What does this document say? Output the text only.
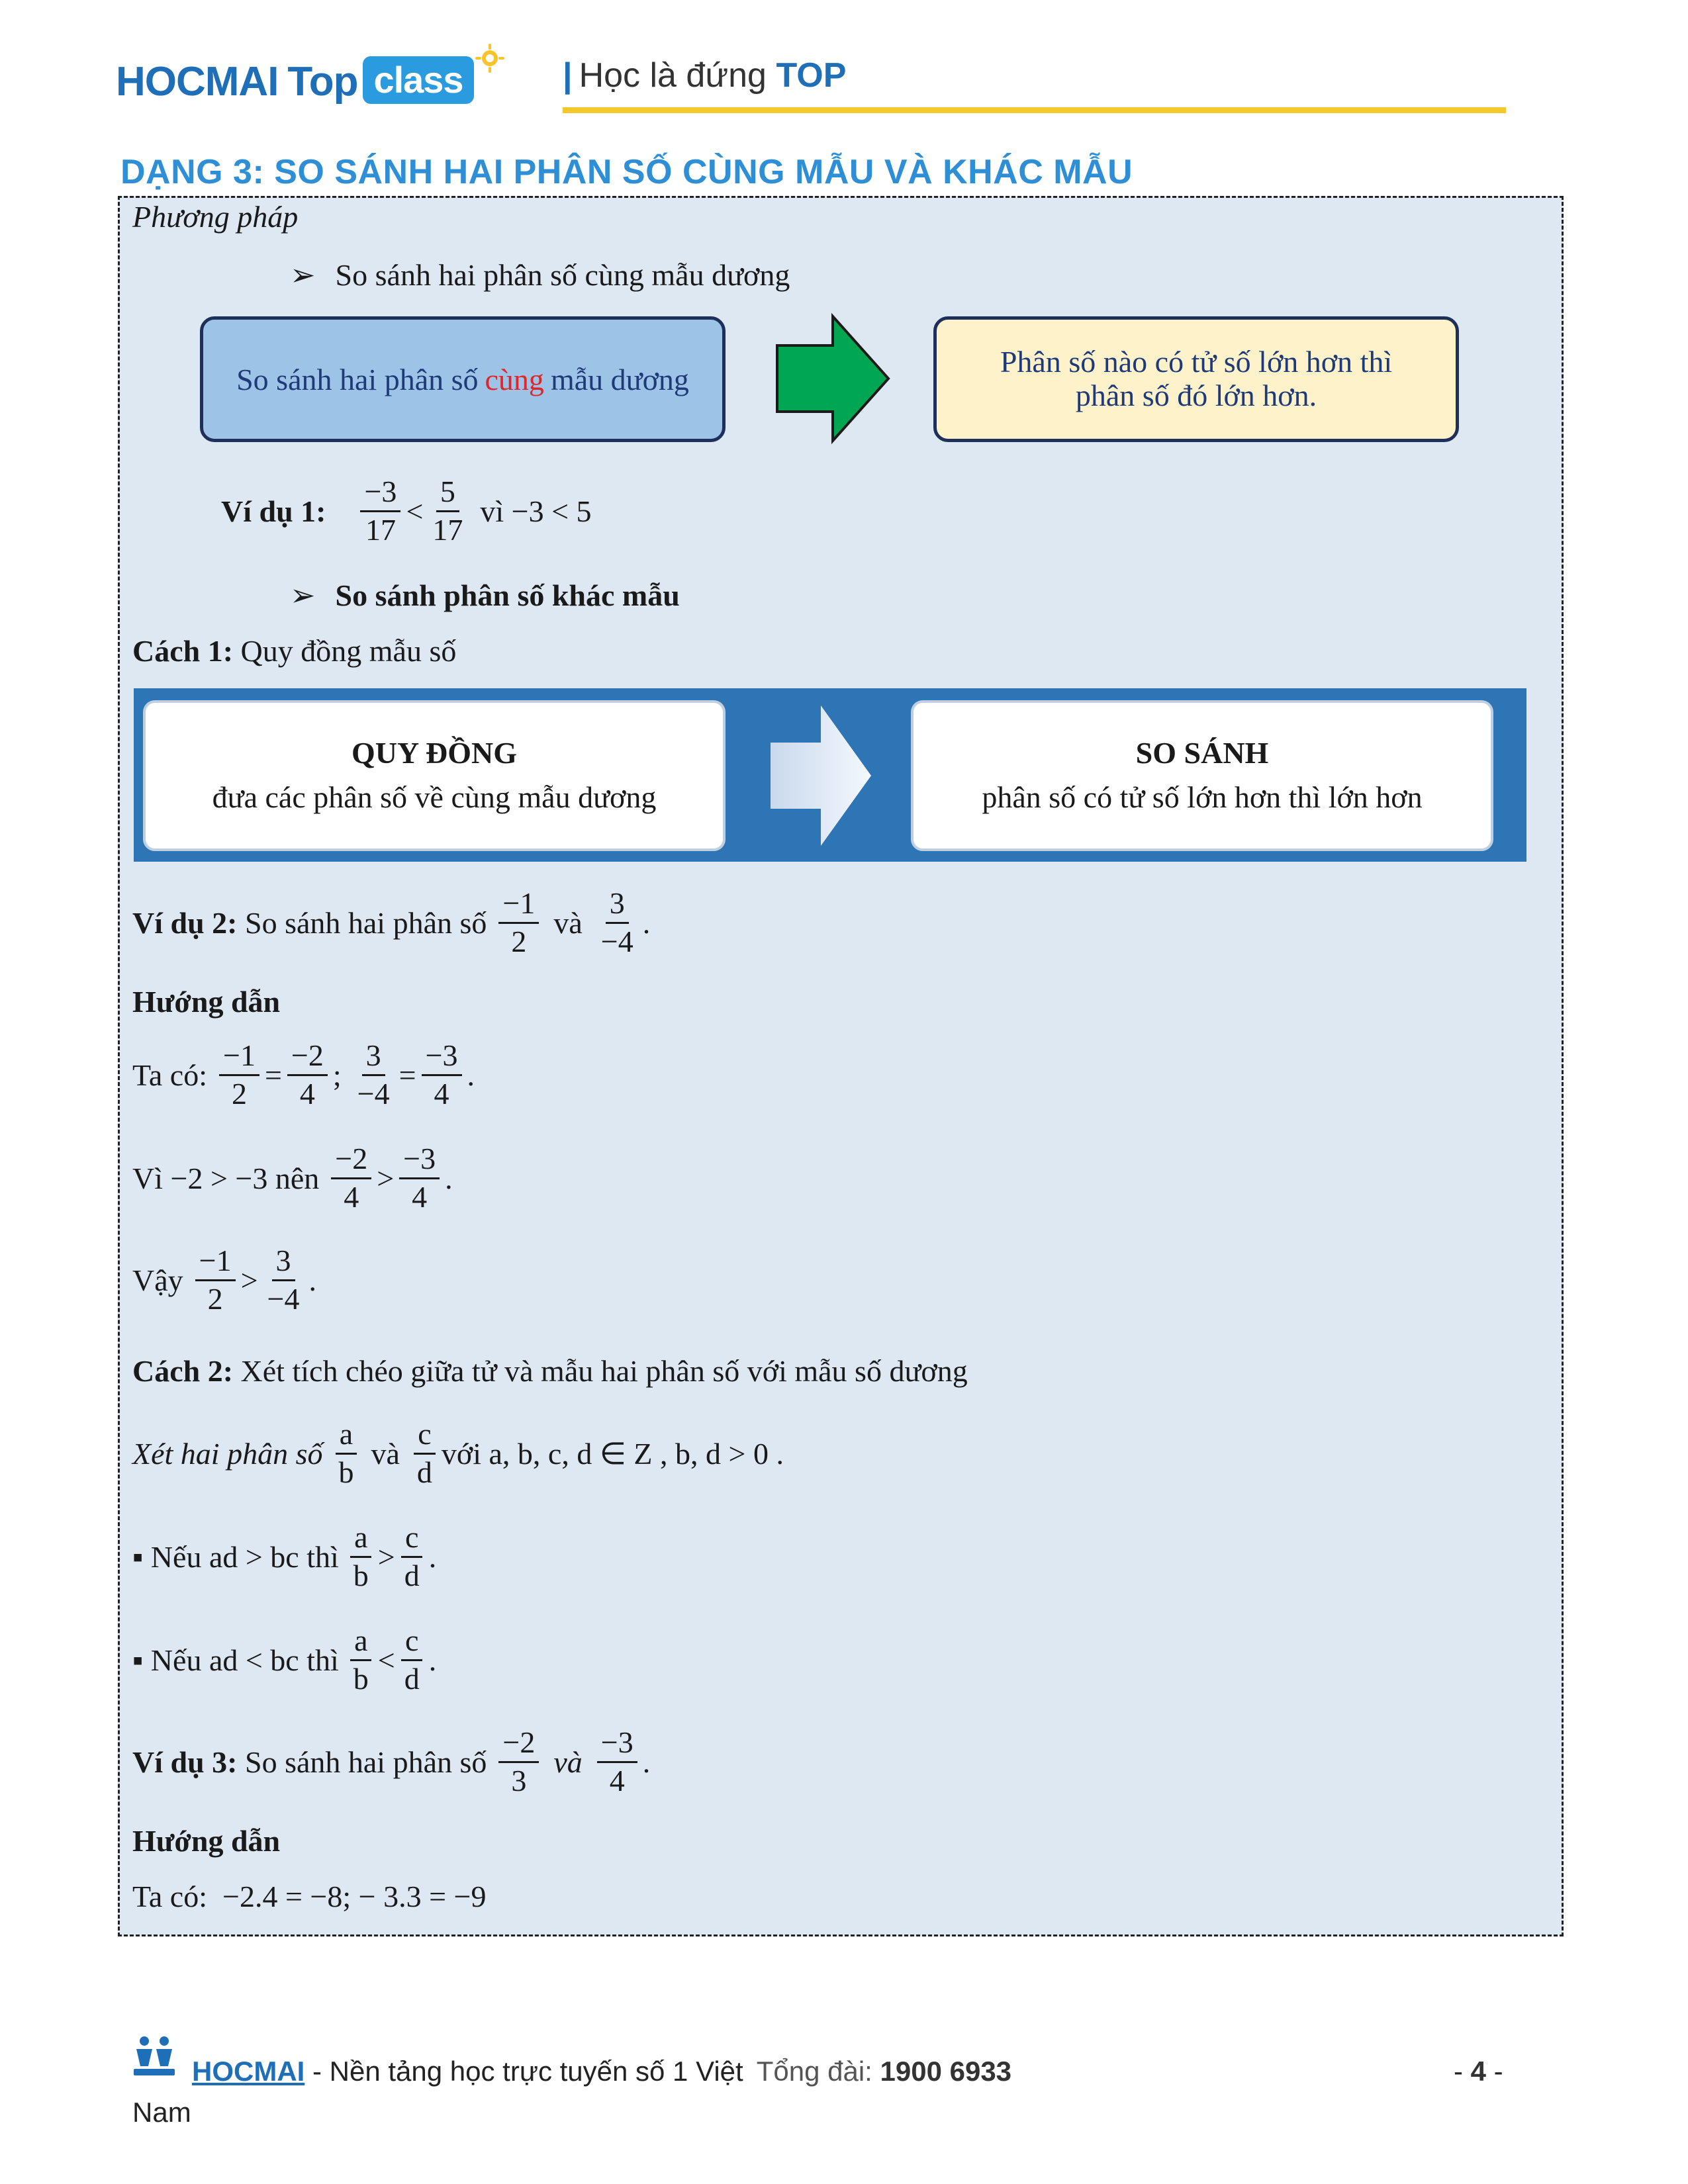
HOCMAI Top class	| Học là đứng TOP
DẠNG 3: SO SÁNH HAI PHÂN SỐ CÙNG MẪU VÀ KHÁC MẪU
Phương pháp
➢ So sánh hai phân số cùng mẫu dương
So sánh hai phân số cùng mẫu dương
Phân số nào có tử số lớn hơn thì
phân số đó lớn hơn.
Ví dụ 1: $\frac{-3}{17} < \frac{5}{17}$ vì −3 < 5
➢ So sánh phân số khác mẫu
Cách 1: Quy đồng mẫu số
QUY ĐỒNG
đưa các phân số về cùng mẫu dương
SO SÁNH
phân số có tử số lớn hơn thì lớn hơn
Ví dụ 2:
So sánh hai phân số $\frac{-1}{2}$ và $\frac{3}{-4}$ .
Hướng dẫn
Ta có: $\frac{-1}{2} = \frac{-2}{4}$ ; $\frac{3}{-4} = \frac{-3}{4}$ .
Vì −2 > −3 nên $\frac{-2}{4} > \frac{-3}{4}$ .
Vậy $\frac{-1}{2} > \frac{3}{-4}$ .
Cách 2: Xét tích chéo giữa tử và mẫu hai phân số với mẫu số dương
Xét hai phân số $\frac{a}{b}$ và $\frac{c}{d}$ với a, b, c, d ∈ Z , b, d > 0 .
▪ Nếu ad > bc thì $\frac{a}{b} > \frac{c}{d}$ .
▪ Nếu ad < bc thì $\frac{a}{b} < \frac{c}{d}$ .
Ví dụ 3:
So sánh hai phân số $\frac{-2}{3}$ và $\frac{-3}{4}$ .
Hướng dẫn
Ta có: −2.4 = −8; − 3.3 = −9
HOCMAI - Nền tảng học trực tuyến số 1 Việt Tổng đài: 1900 6933	- 4 -
Nam
